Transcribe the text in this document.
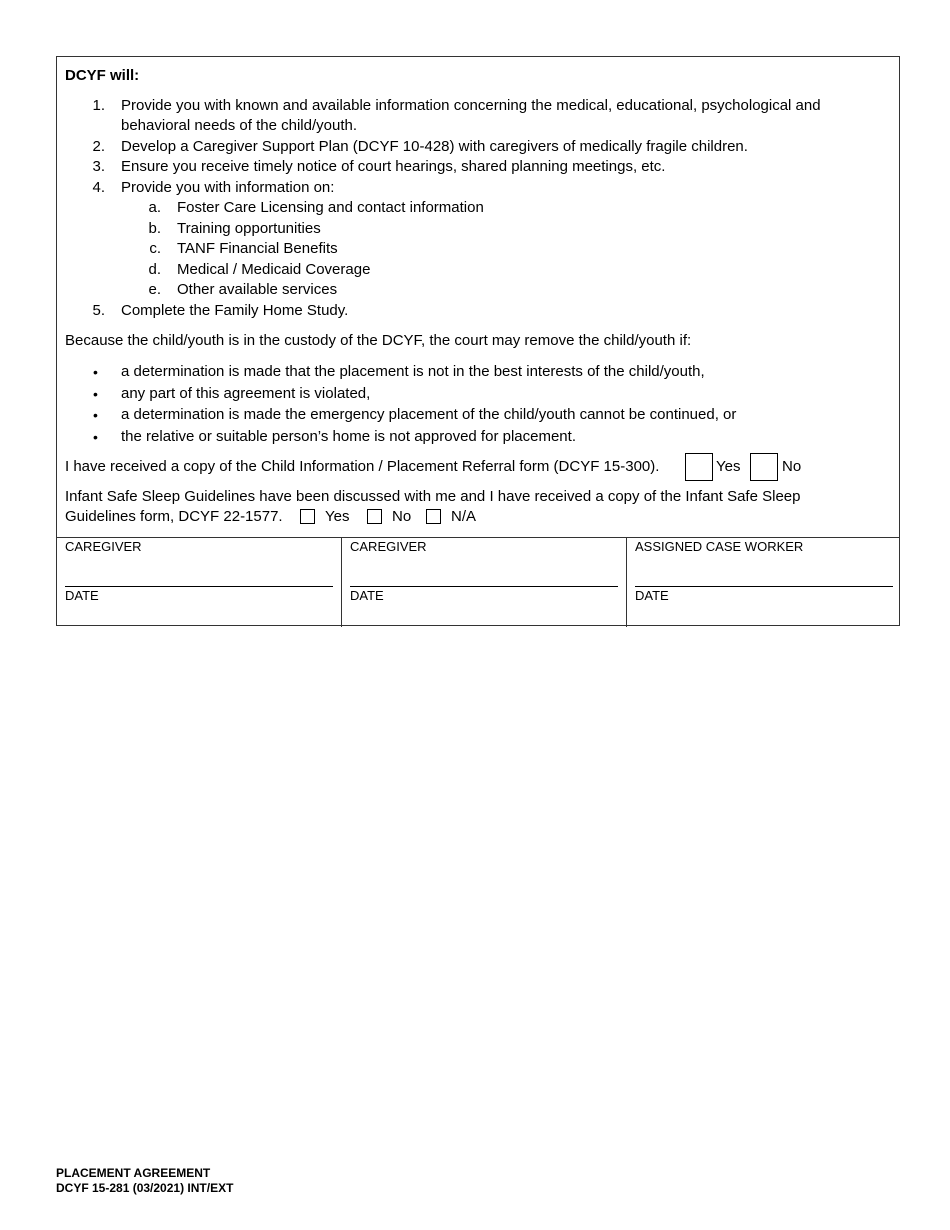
DCYF will:
1. Provide you with known and available information concerning the medical, educational, psychological and
behavioral needs of the child/youth.
2. Develop a Caregiver Support Plan (DCYF 10-428) with caregivers of medically fragile children.
3. Ensure you receive timely notice of court hearings, shared planning meetings, etc.
4. Provide you with information on:
a. Foster Care Licensing and contact information
b. Training opportunities
c. TANF Financial Benefits
d. Medical / Medicaid Coverage
e. Other available services
5. Complete the Family Home Study.
Because the child/youth is in the custody of the DCYF, the court may remove the child/youth if:
• a determination is made that the placement is not in the best interests of the child/youth,
• any part of this agreement is violated,
• a determination is made the emergency placement of the child/youth cannot be continued, or
• the relative or suitable person’s home is not approved for placement.
I have received a copy of the Child Information / Placement Referral form (DCYF 15-300).	Yes	No
Infant Safe Sleep Guidelines have been discussed with me and I have received a copy of the Infant Safe Sleep
Guidelines form, DCYF 22-1577.	Yes	No	N/A
CAREGIVER
DATE
CAREGIVER
DATE
ASSIGNED CASE WORKER
DATE
PLACEMENT AGREEMENT
DCYF 15-281 (03/2021) INT/EXT
